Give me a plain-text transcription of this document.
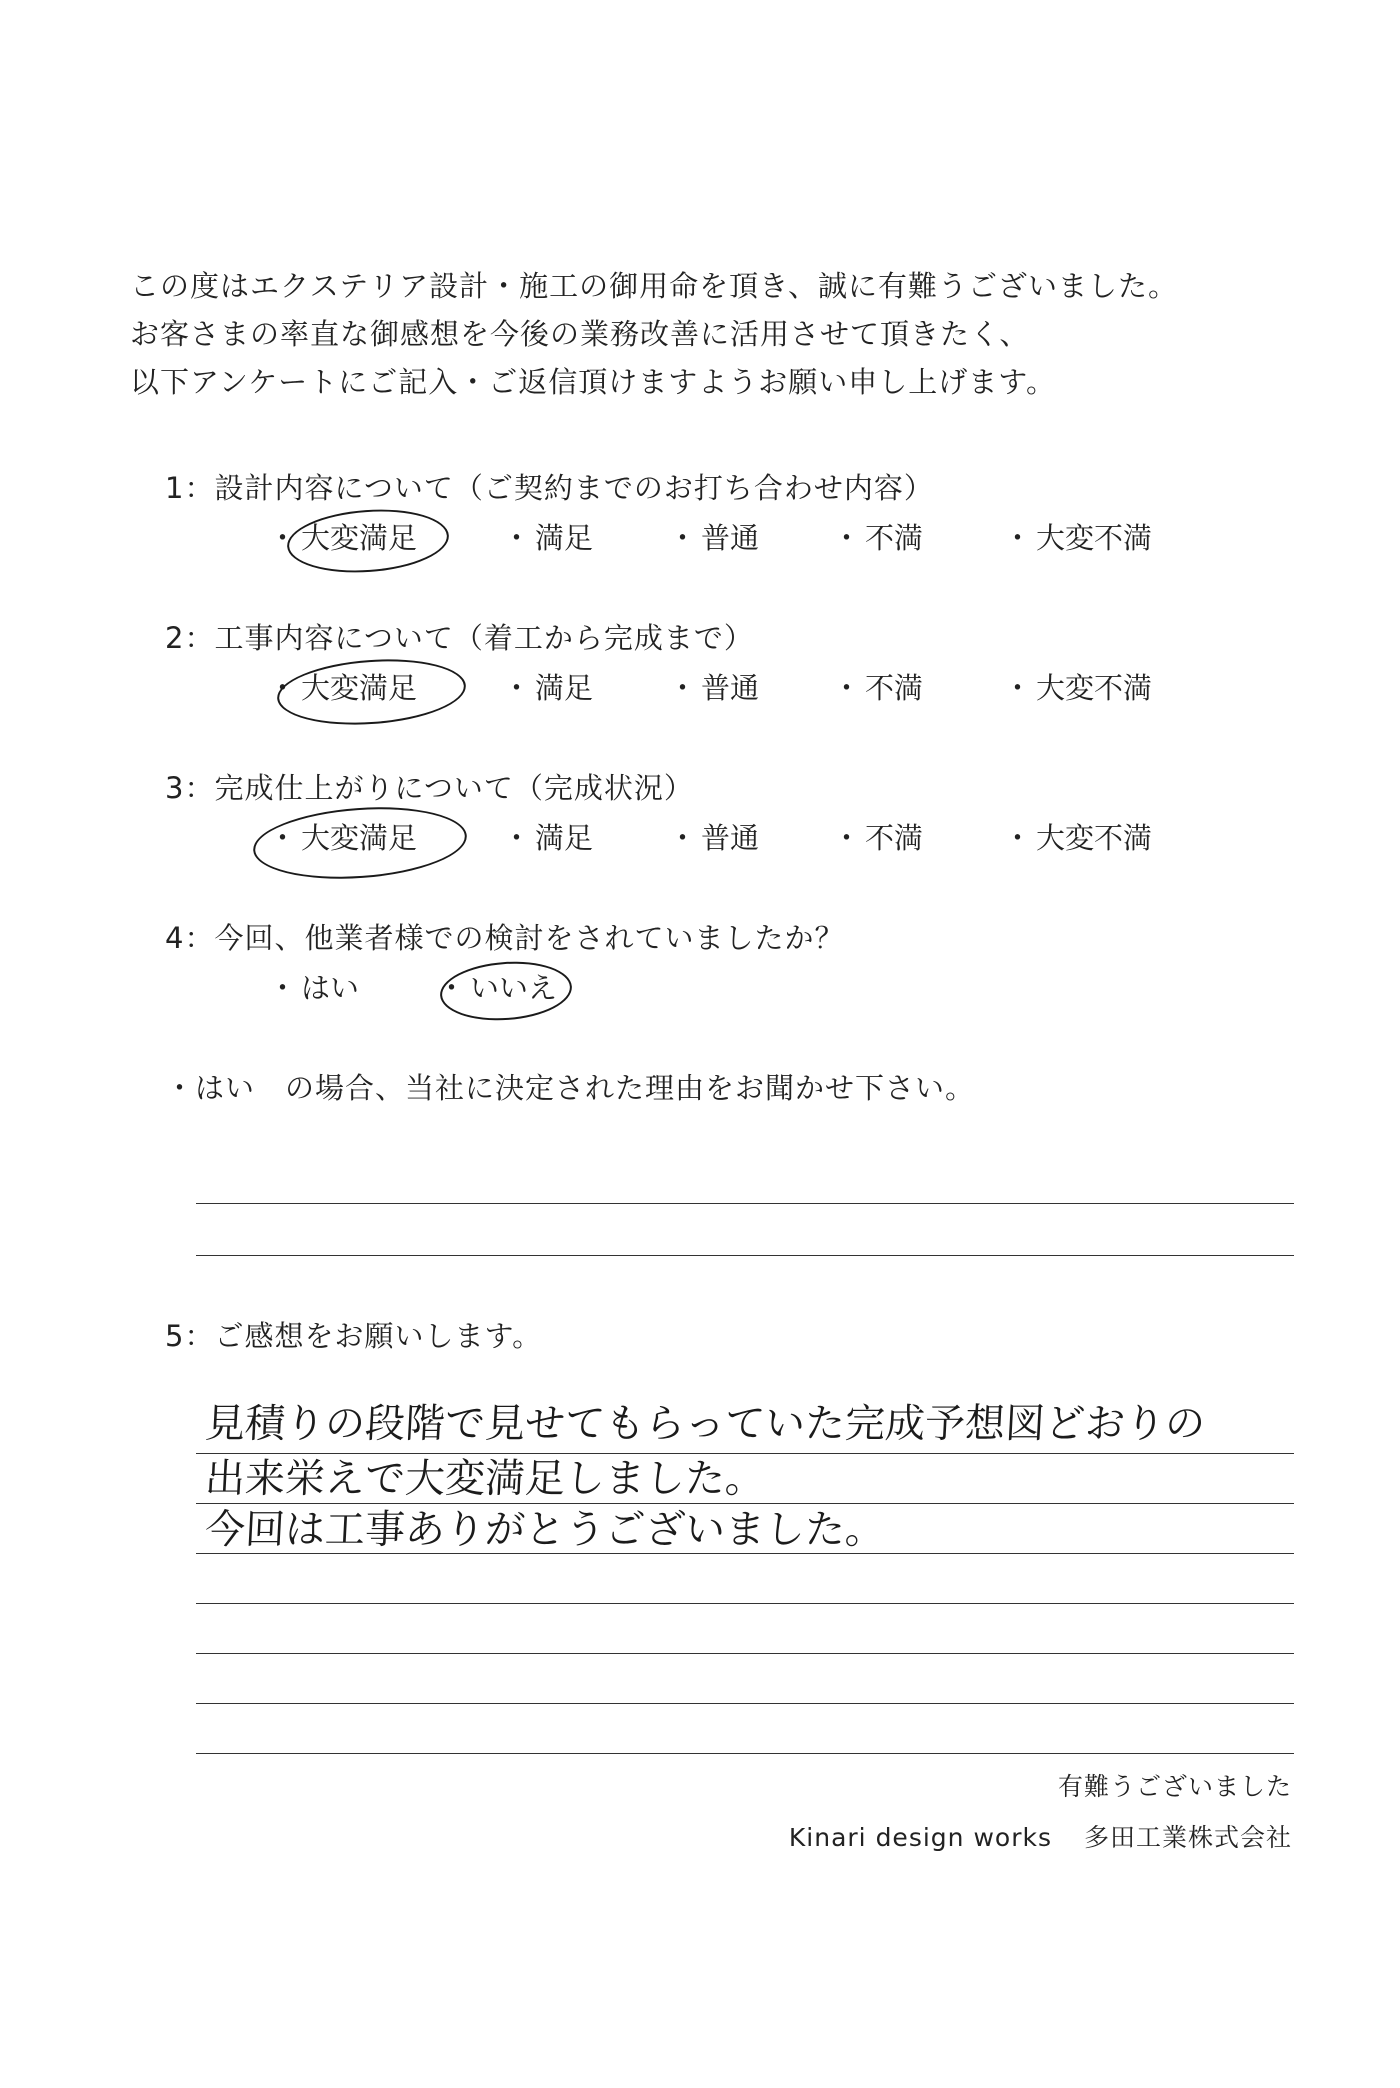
この度はエクステリア設計・施工の御用命を頂き、誠に有難うございました。
お客さまの率直な御感想を今後の業務改善に活用させて頂きたく、
以下アンケートにご記入・ご返信頂けますようお願い申し上げます。
1：設計内容について（ご契約までのお打ち合わせ内容）
・ 大変満足	・ 満足	・ 普通	・ 不満	・ 大変不満
2：工事内容について（着工から完成まで）
・ 大変満足	・ 満足	・ 普通	・ 不満	・ 大変不満
3：完成仕上がりについて（完成状況）
・ 大変満足	・ 満足	・ 普通	・ 不満	・ 大変不満
4：今回、他業者様での検討をされていましたか？
・ はい	・ いいえ
・はい　の場合、当社に決定された理由をお聞かせ下さい。
5：ご感想をお願いします。
見積りの段階で見せてもらっていた完成予想図どおりの
出来栄えで大変満足しました。
今回は工事ありがとうございました。
有難うございました
Kinari design works 多田工業株式会社
